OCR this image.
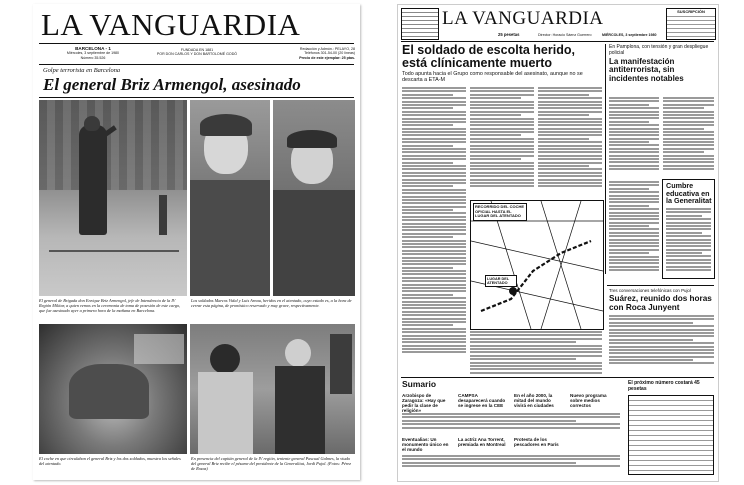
LA VANGUARDIA
BARCELONA - 1
Miércoles, 3 septiembre de 1980
Número 35.526
FUNDADA EN 1881
POR DON CARLOS Y DON BARTOLOMÉ GODÓ
Redacción y Admón.: PELAYO, 28
Teléfonos 301-54-00 (20 líneas)
Precio de este ejemplar: 25 ptas.
Golpe terrorista en Barcelona
El general Briz Armengol, asesinado
El general de Brigada don Enrique Briz Armengol, jefe de Intendencia de la IV Región Militar, a quien vemos en la ceremonia de toma de posesión de este cargo, que fue asesinado ayer a primera hora de la mañana en Barcelona.
Los soldados Marcos Vidal y Luis Arnau, heridos en el atentado, cuyo estado es, a la hora de cerrar esta página, de pronóstico reservado y muy grave, respectivamente.
El coche en que circulaban el general Briz y los dos soldados, muestra los señales del atentado.
En presencia del capitán general de la IV región, teniente general Pascual Galmes, la viuda del general Briz recibe el pésame del presidente de la Generalitat, Jordi Pujol. (Fotos: Pérez de Rozas)
LA VANGUARDIA
25 pesetas	Director: Horacio Sáenz Guerrero	MIÉRCOLES, 3 septiembre 1980
SUSCRIPCIÓN
El soldado de escolta herido, está clínicamente muerto
Todo apunta hacia el Grupo como responsable del asesinato, aunque no se descarta a ETA-M
En Pamplona, con tensión y gran despliegue policial
La manifestación antiterrorista, sin incidentes notables
RECORRIDO DEL COCHE OFICIAL HASTA EL LUGAR DEL ATENTADO
LUGAR DEL ATENTADO
Cumbre educativa en la Generalitat
Tres conversaciones telefónicas con Pujol
Suárez, reunido dos horas con Roca Junyent
Sumario
Arzobispo de Zaragoza: «Hay que pedir la clase de religión»
CAMPSA desaparecerá cuando se ingrese en la CEE
En el año 2000, la mitad del mundo vivirá en ciudades
Nuevo programa sobre medios correctos
La actriz Ana Torrent, premiada en Montreal
Protesta de los pescadores en París
Eventualias: Un monumento único en el mundo
El próximo número costará 45 pesetas
